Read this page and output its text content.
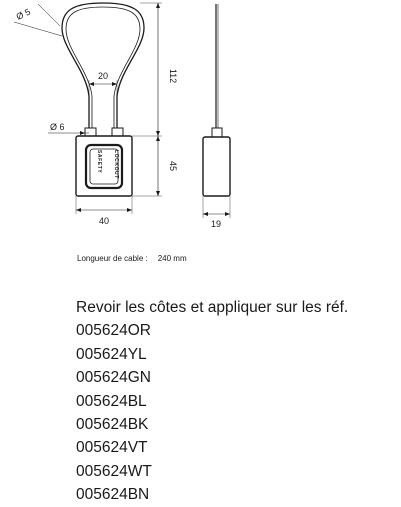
SAFETY LOCKOUT
Ø 5
20	112
Ø 6
45
40	19
Longueur de cable : 240 mm
Revoir les côtes et appliquer sur les réf.
005624OR
005624YL
005624GN
005624BL
005624BK
005624VT
005624WT
005624BN
